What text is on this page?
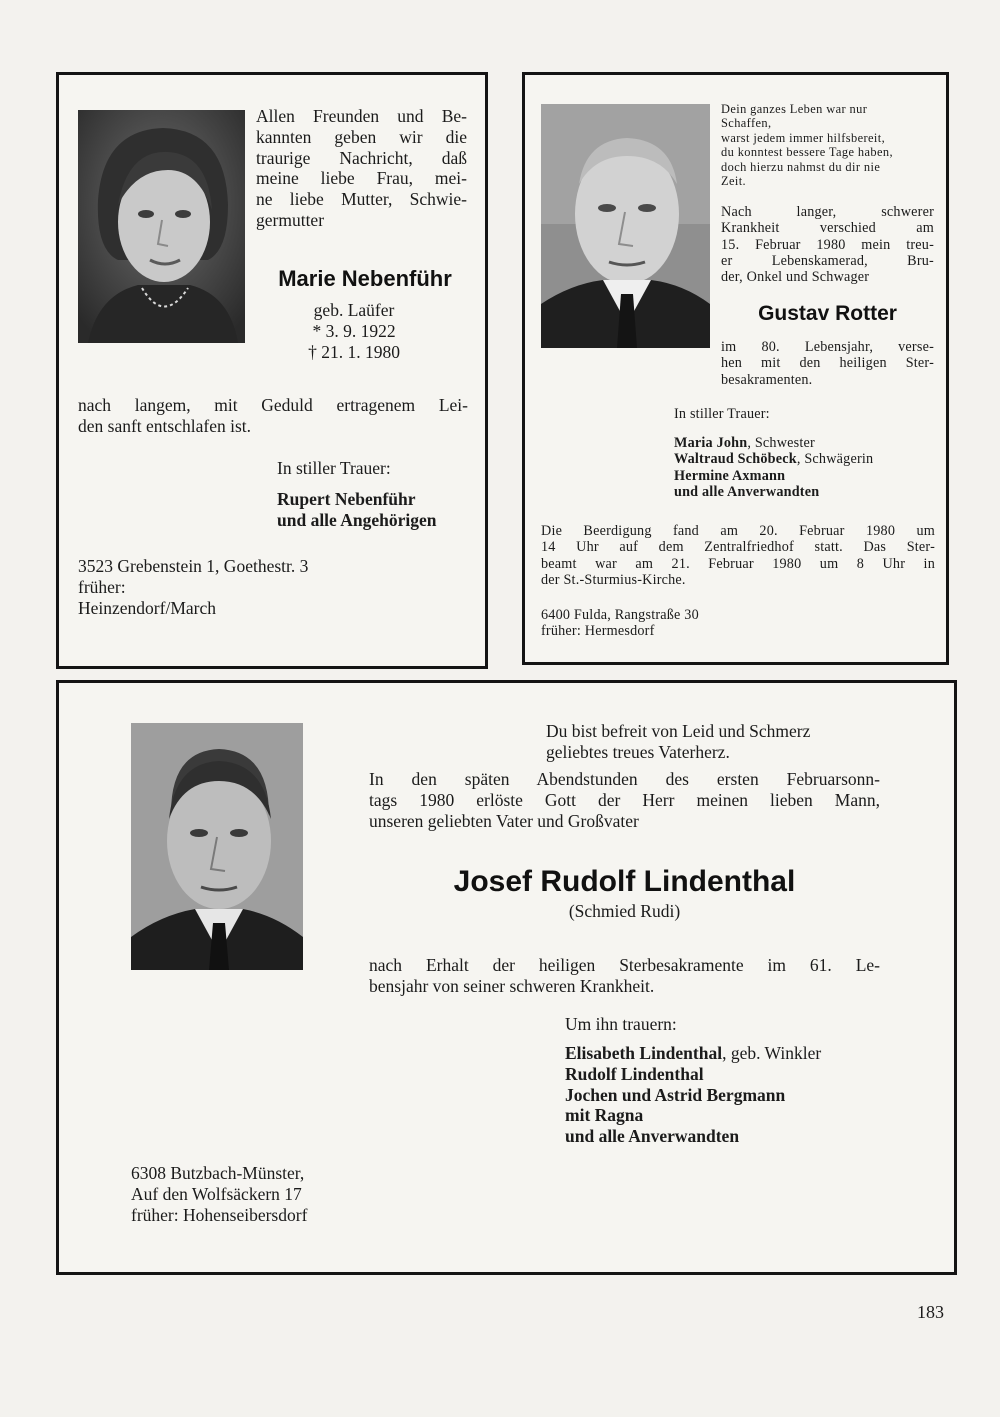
Allen Freunden und Be-
kannten geben wir die
traurige Nachricht, daß
meine liebe Frau, mei-
ne liebe Mutter, Schwie-
germutter
Marie Nebenführ
geb. Laüfer
* 3. 9. 1922
† 21. 1. 1980
nach langem, mit Geduld ertragenem Lei-
den sanft entschlafen ist.
In stiller Trauer:
Rupert Nebenführ
und alle Angehörigen
3523 Grebenstein 1, Goethestr. 3
früher:
Heinzendorf/March
Dein ganzes Leben war nur
Schaffen,
warst jedem immer hilfsbereit,
du konntest bessere Tage haben,
doch hierzu nahmst du dir nie
Zeit.
Nach langer, schwerer
Krankheit verschied am
15. Februar 1980 mein treu-
er Lebenskamerad, Bru-
der, Onkel und Schwager
Gustav Rotter
im 80. Lebensjahr, verse-
hen mit den heiligen Ster-
besakramenten.
In stiller Trauer:
Maria John, Schwester
Waltraud Schöbeck, Schwägerin
Hermine Axmann
und alle Anverwandten
Die Beerdigung fand am 20. Februar 1980 um
14 Uhr auf dem Zentralfriedhof statt. Das Ster-
beamt war am 21. Februar 1980 um 8 Uhr in
der St.-Sturmius-Kirche.
6400 Fulda, Rangstraße 30
früher: Hermesdorf
Du bist befreit von Leid und Schmerz
geliebtes treues Vaterherz.
In den späten Abendstunden des ersten Februarsonn-
tags 1980 erlöste Gott der Herr meinen lieben Mann,
unseren geliebten Vater und Großvater
Josef Rudolf Lindenthal
(Schmied Rudi)
nach Erhalt der heiligen Sterbesakramente im 61. Le-
bensjahr von seiner schweren Krankheit.
Um ihn trauern:
Elisabeth Lindenthal, geb. Winkler
Rudolf Lindenthal
Jochen und Astrid Bergmann
mit Ragna
und alle Anverwandten
6308 Butzbach-Münster,
Auf den Wolfsäckern 17
früher: Hohenseibersdorf
183
